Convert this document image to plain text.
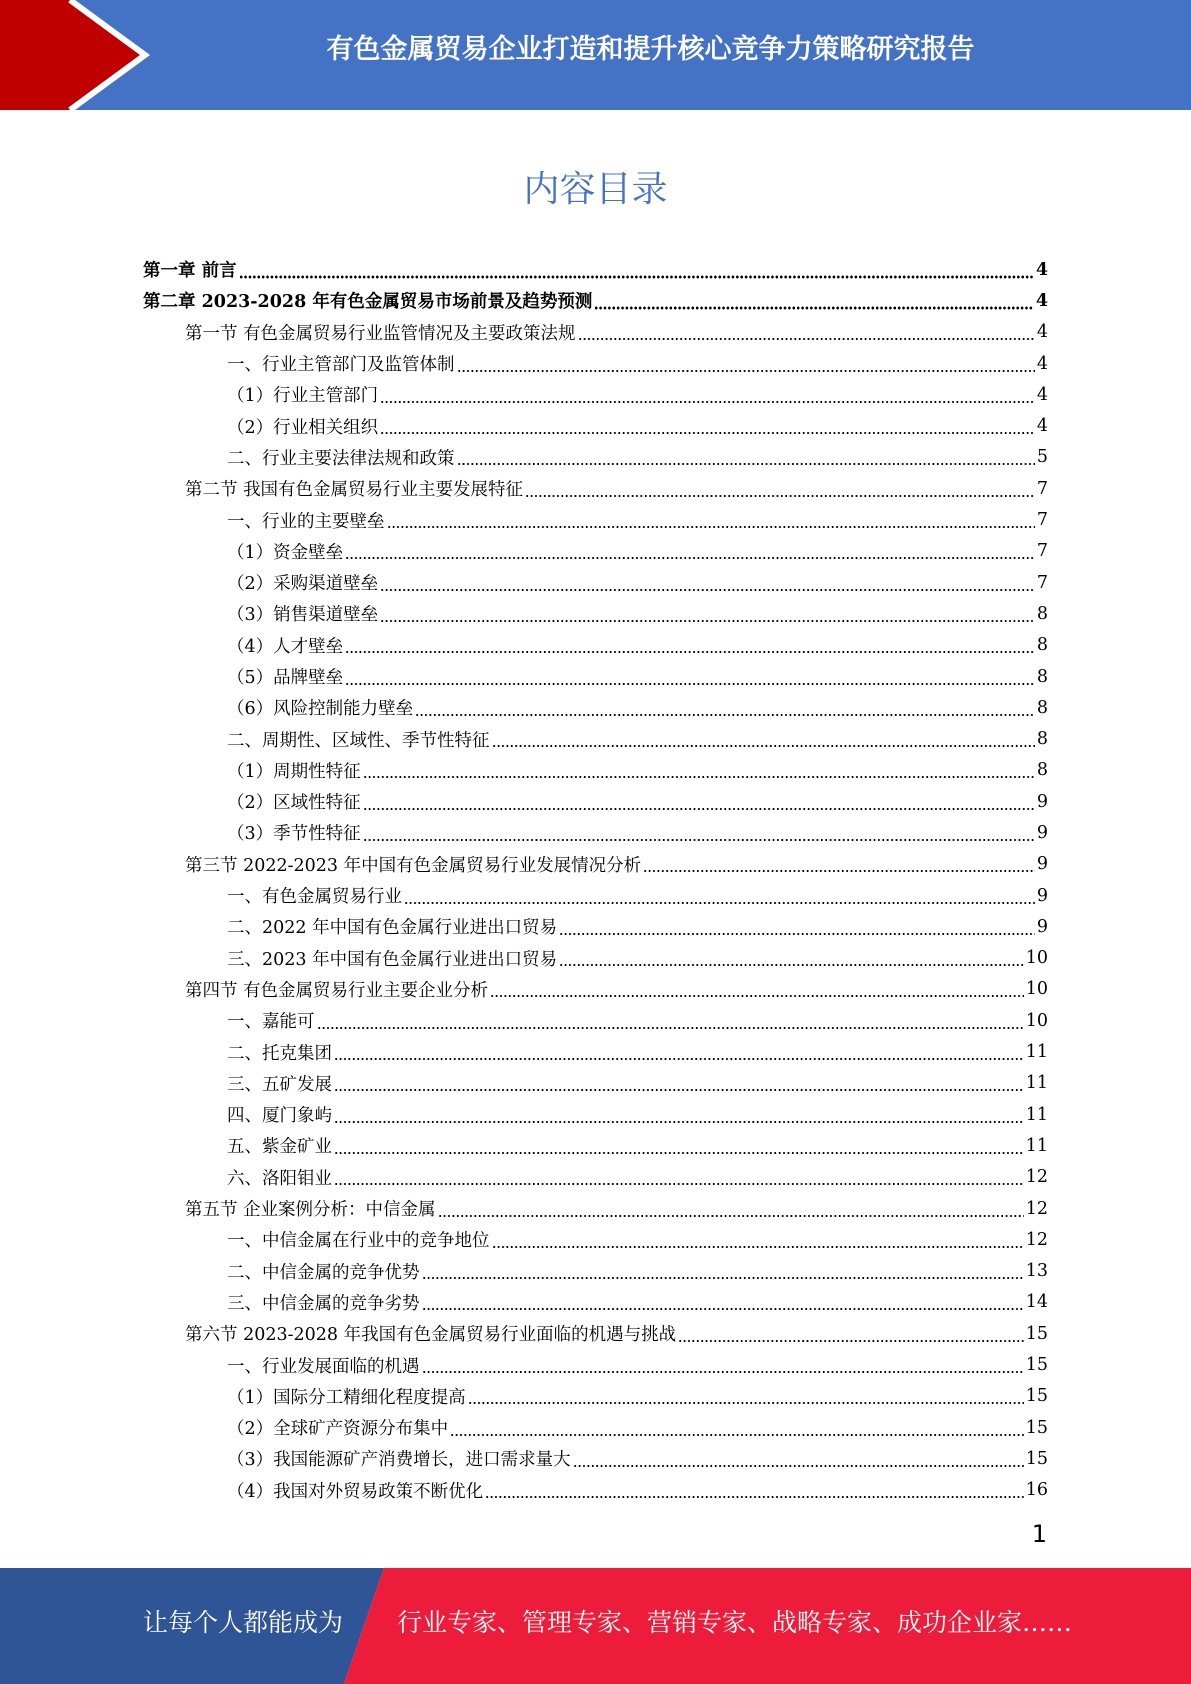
有色金属贸易企业打造和提升核心竞争力策略研究报告
内容目录
第一章 前言	4
第二章 2023-2028 年有色金属贸易市场前景及趋势预测	4
第一节 有色金属贸易行业监管情况及主要政策法规	4
一、行业主管部门及监管体制	4
（1）行业主管部门	4
（2）行业相关组织	4
二、行业主要法律法规和政策	5
第二节 我国有色金属贸易行业主要发展特征	7
一、行业的主要壁垒	7
（1）资金壁垒	7
（2）采购渠道壁垒	7
（3）销售渠道壁垒	8
（4）人才壁垒	8
（5）品牌壁垒	8
（6）风险控制能力壁垒	8
二、周期性、区域性、季节性特征	8
（1）周期性特征	8
（2）区域性特征	9
（3）季节性特征	9
第三节 2022-2023 年中国有色金属贸易行业发展情况分析	9
一、有色金属贸易行业	9
二、2022 年中国有色金属行业进出口贸易	9
三、2023 年中国有色金属行业进出口贸易	10
第四节 有色金属贸易行业主要企业分析	10
一、嘉能可	10
二、托克集团	11
三、五矿发展	11
四、厦门象屿	11
五、紫金矿业	11
六、洛阳钼业	12
第五节 企业案例分析：中信金属	12
一、中信金属在行业中的竞争地位	12
二、中信金属的竞争优势	13
三、中信金属的竞争劣势	14
第六节 2023-2028 年我国有色金属贸易行业面临的机遇与挑战	15
一、行业发展面临的机遇	15
（1）国际分工精细化程度提高	15
（2）全球矿产资源分布集中	15
（3）我国能源矿产消费增长，进口需求量大	15
（4）我国对外贸易政策不断优化	16
1
让每个人都能成为 行业专家、管理专家、营销专家、战略专家、成功企业家……
